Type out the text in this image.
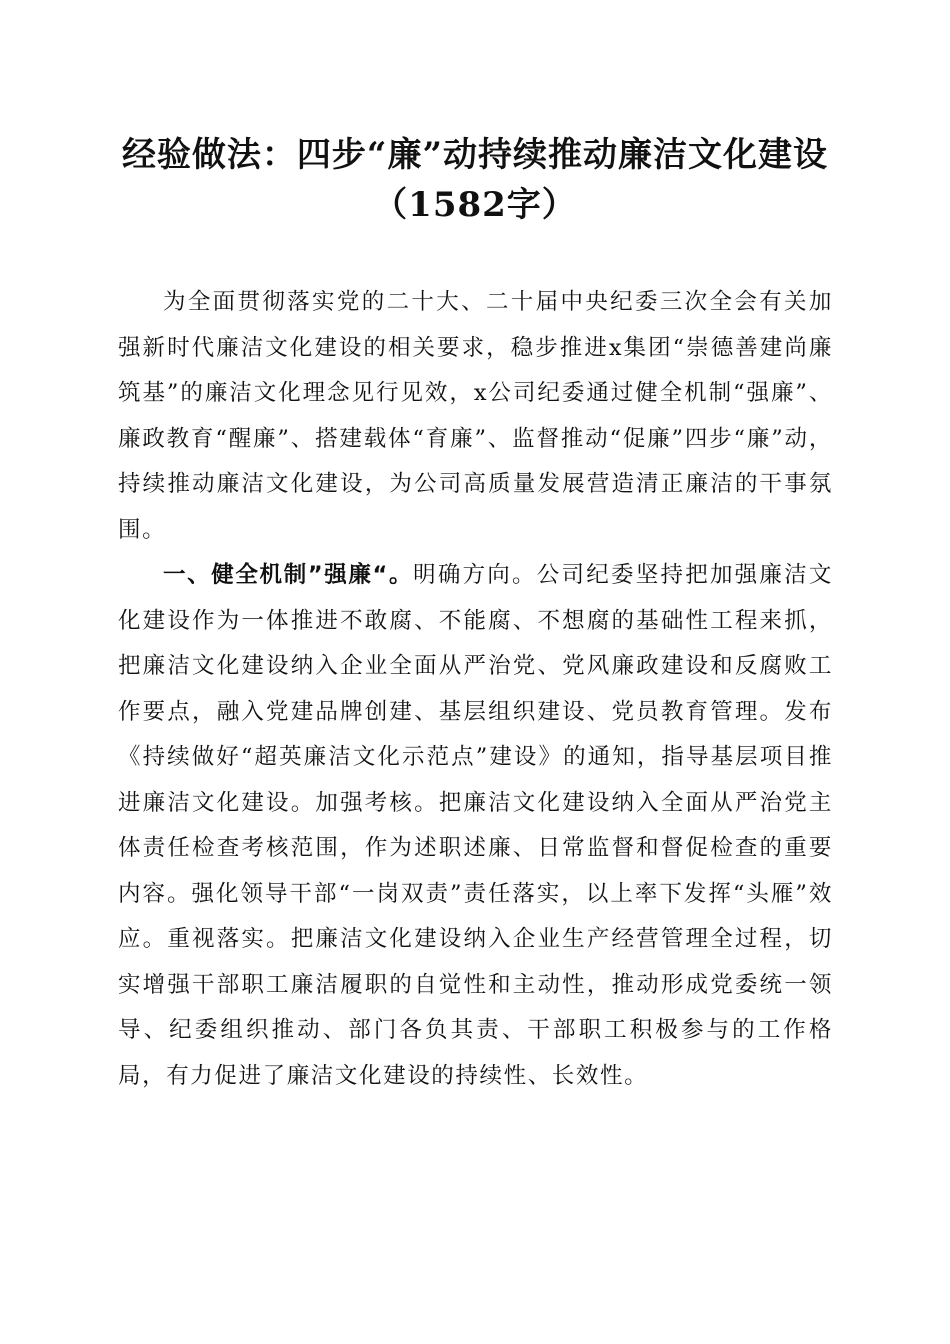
经验做法：四步“廉”动持续推动廉洁文化建设（1582字）

为全面贯彻落实党的二十大、二十届中央纪委三次全会有关加强新时代廉洁文化建设的相关要求，稳步推进x集团“崇德善建尚廉筑基”的廉洁文化理念见行见效，x公司纪委通过健全机制“强廉”、廉政教育“醒廉”、搭建载体“育廉”、监督推动“促廉”四步“廉”动，持续推动廉洁文化建设，为公司高质量发展营造清正廉洁的干事氛围。

一、健全机制”强廉“。明确方向。公司纪委坚持把加强廉洁文化建设作为一体推进不敢腐、不能腐、不想腐的基础性工程来抓，把廉洁文化建设纳入企业全面从严治党、党风廉政建设和反腐败工作要点，融入党建品牌创建、基层组织建设、党员教育管理。发布《持续做好“超英廉洁文化示范点”建设》的通知，指导基层项目推进廉洁文化建设。加强考核。把廉洁文化建设纳入全面从严治党主体责任检查考核范围，作为述职述廉、日常监督和督促检查的重要内容。强化领导干部“一岗双责”责任落实，以上率下发挥“头雁”效应。重视落实。把廉洁文化建设纳入企业生产经营管理全过程，切实增强干部职工廉洁履职的自觉性和主动性，推动形成党委统一领导、纪委组织推动、部门各负其责、干部职工积极参与的工作格局，有力促进了廉洁文化建设的持续性、长效性。
